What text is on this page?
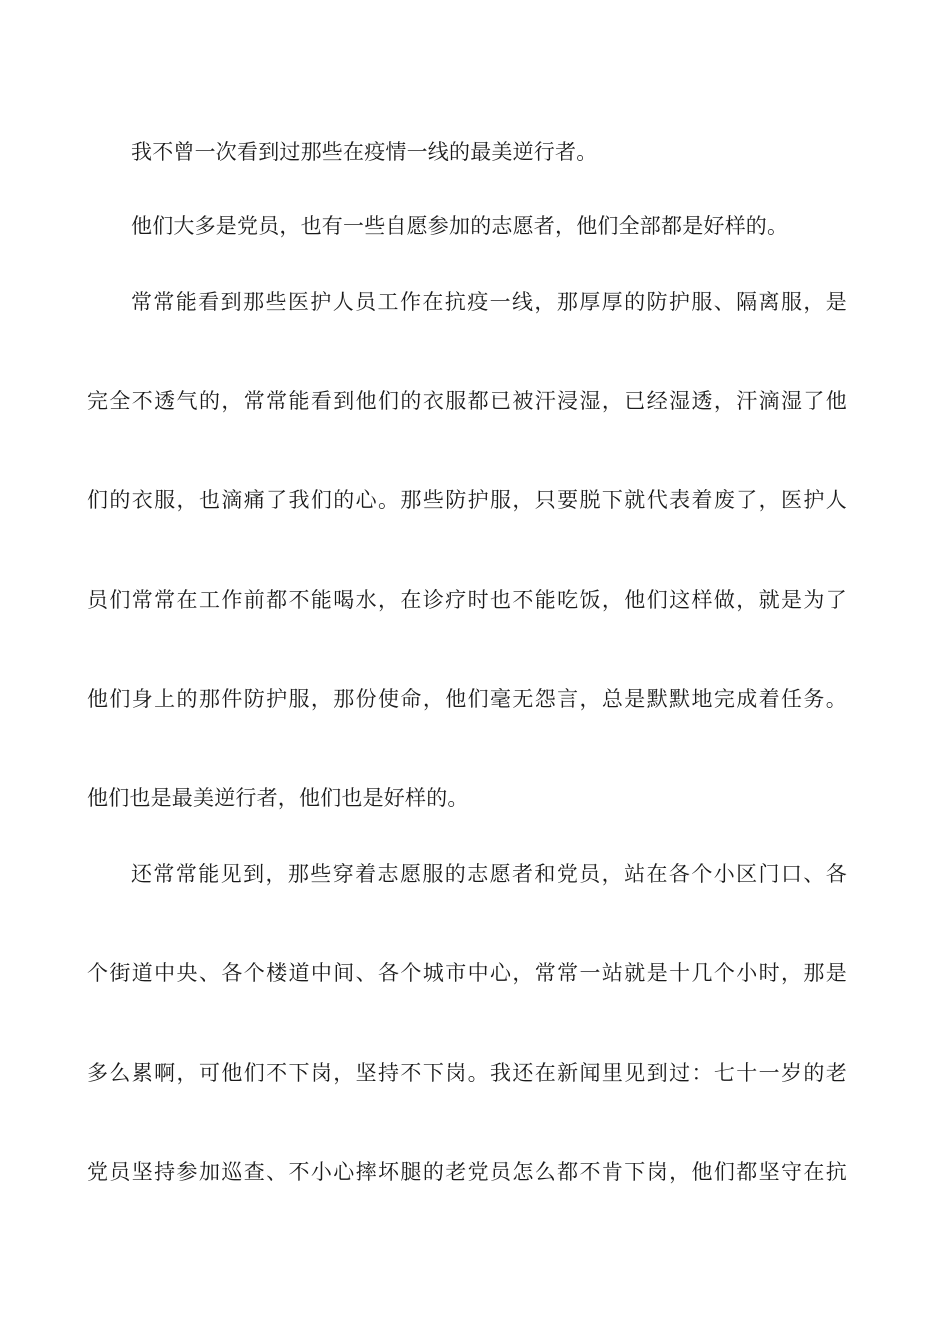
我不曾一次看到过那些在疫情一线的最美逆行者。
他们大多是党员，也有一些自愿参加的志愿者，他们全部都是好样的。
常常能看到那些医护人员工作在抗疫一线，那厚厚的防护服、隔离服，是
完全不透气的，常常能看到他们的衣服都已被汗浸湿，已经湿透，汗滴湿了他
们的衣服，也滴痛了我们的心。那些防护服，只要脱下就代表着废了，医护人
员们常常在工作前都不能喝水，在诊疗时也不能吃饭，他们这样做，就是为了
他们身上的那件防护服，那份使命，他们毫无怨言，总是默默地完成着任务。
他们也是最美逆行者，他们也是好样的。
还常常能见到，那些穿着志愿服的志愿者和党员，站在各个小区门口、各
个街道中央、各个楼道中间、各个城市中心，常常一站就是十几个小时，那是
多么累啊，可他们不下岗，坚持不下岗。我还在新闻里见到过：七十一岁的老
党员坚持参加巡查、不小心摔坏腿的老党员怎么都不肯下岗，他们都坚守在抗
